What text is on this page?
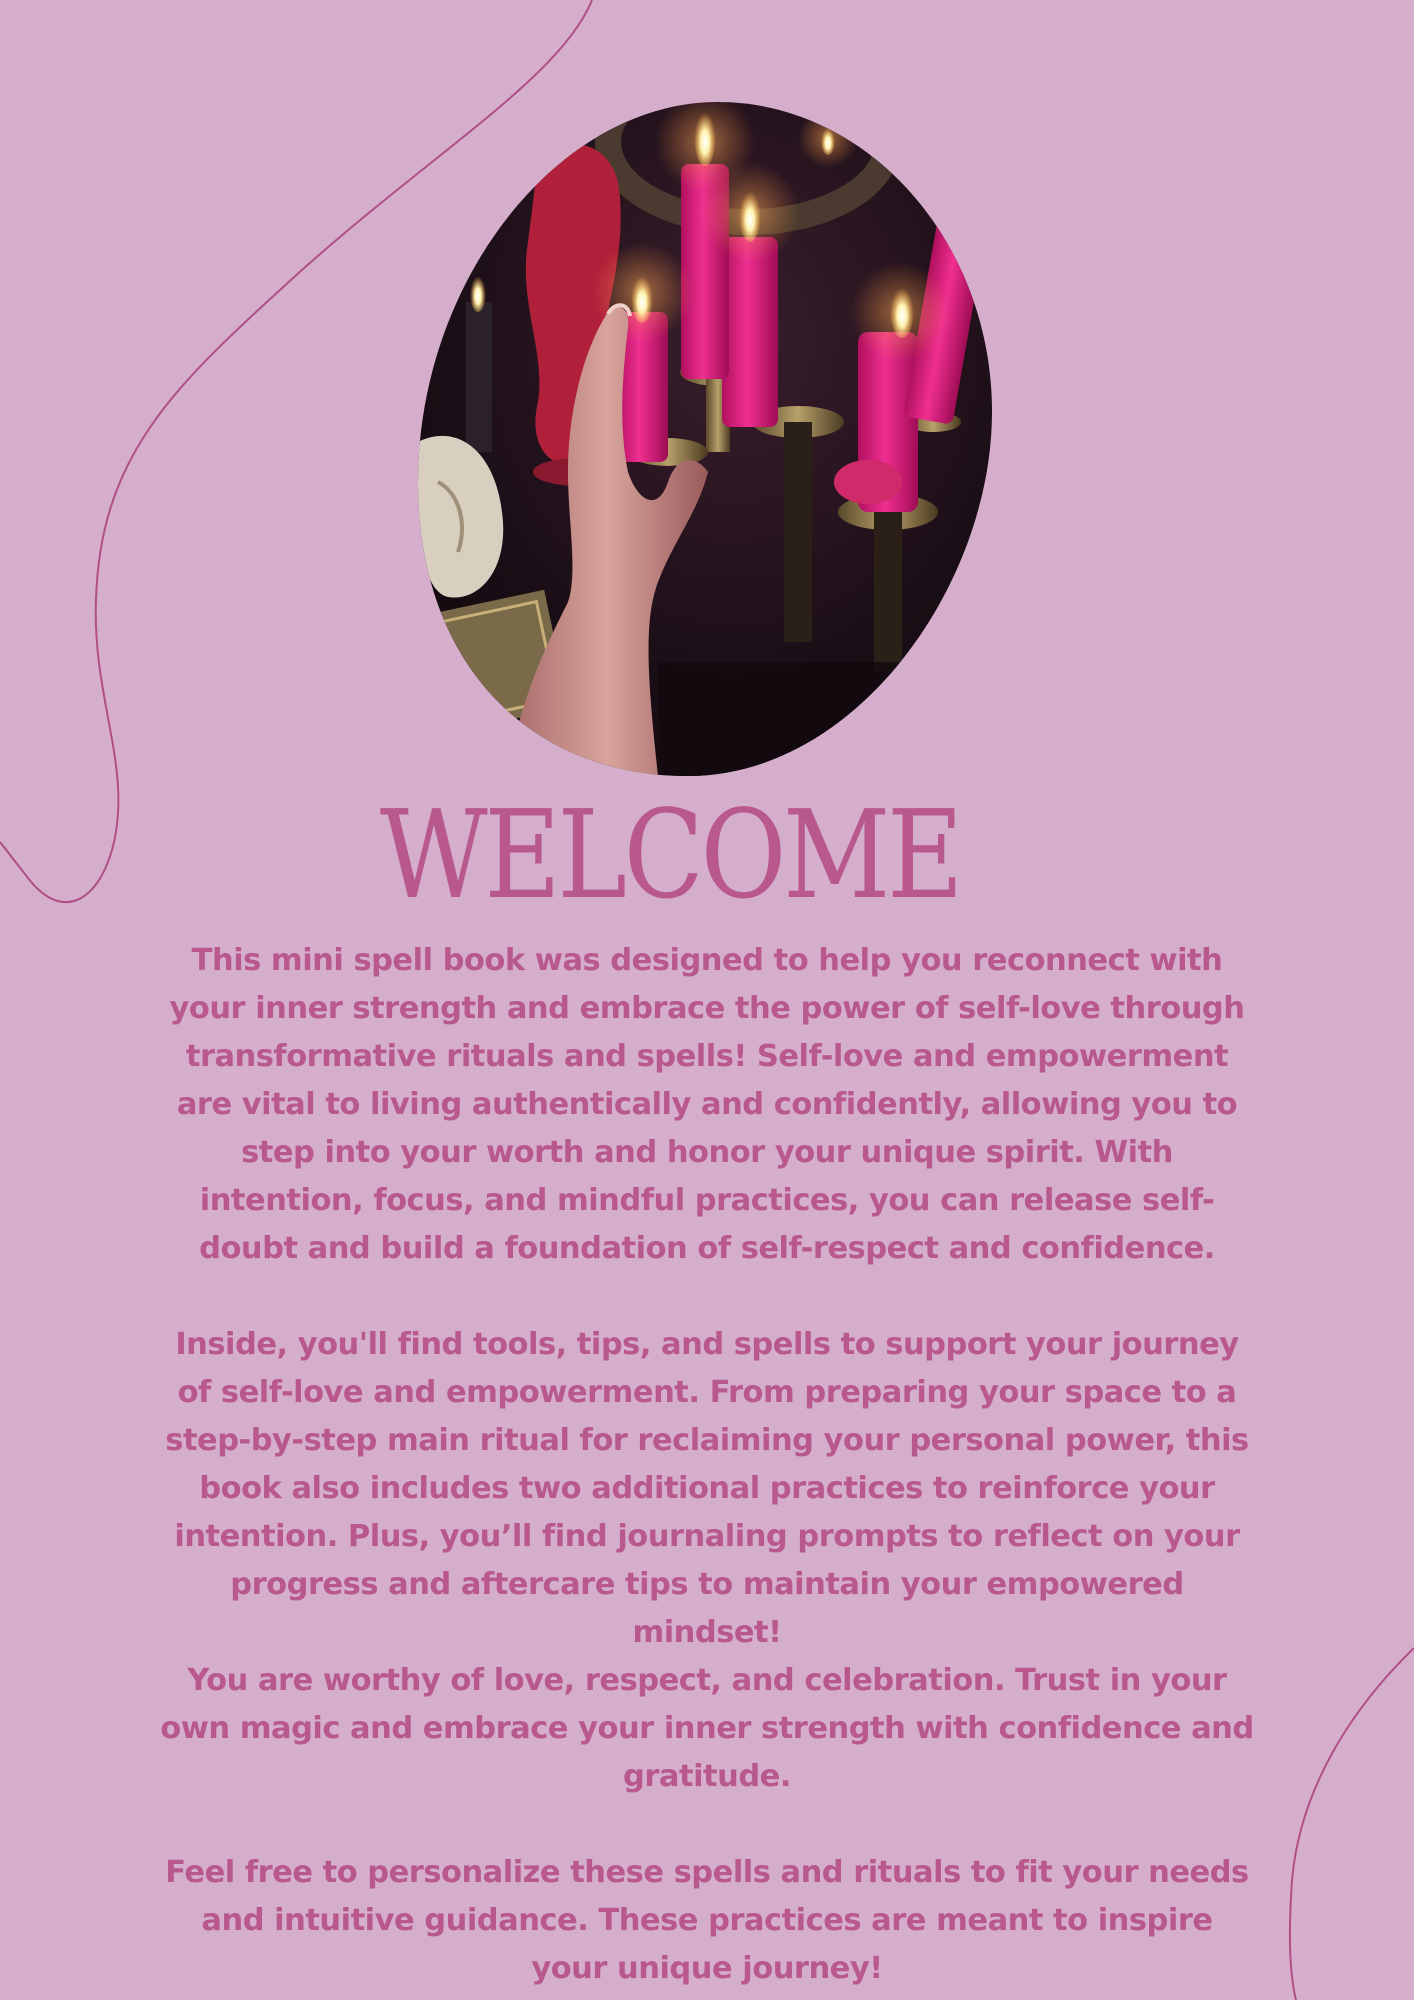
WELCOME

This mini spell book was designed to help you reconnect with your inner strength and embrace the power of self-love through transformative rituals and spells! Self-love and empowerment are vital to living authentically and confidently, allowing you to step into your worth and honor your unique spirit. With intention, focus, and mindful practices, you can release self-doubt and build a foundation of self-respect and confidence.

Inside, you'll find tools, tips, and spells to support your journey of self-love and empowerment. From preparing your space to a step-by-step main ritual for reclaiming your personal power, this book also includes two additional practices to reinforce your intention. Plus, you’ll find journaling prompts to reflect on your progress and aftercare tips to maintain your empowered mindset!

You are worthy of love, respect, and celebration. Trust in your own magic and embrace your inner strength with confidence and gratitude.

Feel free to personalize these spells and rituals to fit your needs and intuitive guidance. These practices are meant to inspire your unique journey!
